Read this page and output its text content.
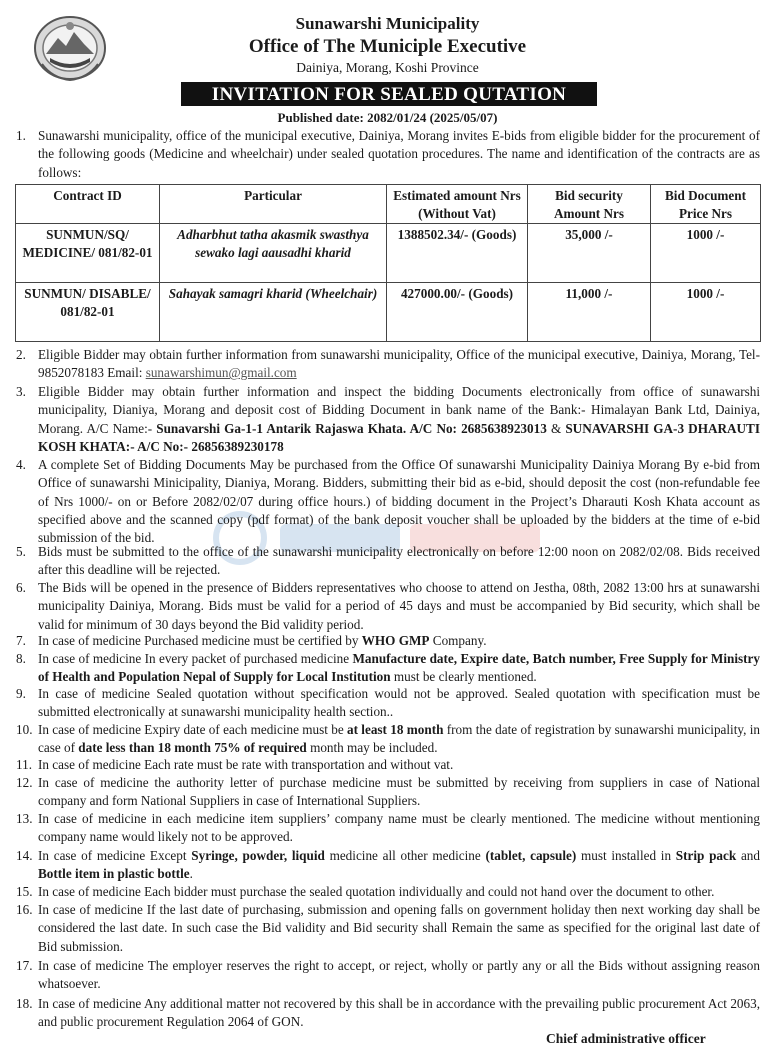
Sunawarshi Municipality
Office of The Municiple Executive
Dainiya, Morang, Koshi Province
INVITATION FOR SEALED QUTATION
Published date: 2082/01/24 (2025/05/07)
1. Sunawarshi municipality, office of the municipal executive, Dainiya, Morang invites E-bids from eligible bidder for the procurement of the following goods (Medicine and wheelchair) under sealed quotation procedures. The name and identification of the contracts are as follows:
Contract ID	Particular	Estimated amount Nrs (Without Vat)	Bid security Amount Nrs	Bid Document Price Nrs
SUNMUN/SQ/ MEDICINE/ 081/82-01	Adharbhut tatha akasmik swasthya sewako lagi aausadhi kharid	1388502.34/- (Goods)	35,000 /-	1000 /-
SUNMUN/ DISABLE/ 081/82-01	Sahayak samagri kharid (Wheelchair)	427000.00/- (Goods)	11,000 /-	1000 /-
2. Eligible Bidder may obtain further information from sunawarshi municipality, Office of the municipal executive, Dainiya, Morang, Tel- 9852078183 Email: sunawarshimun@gmail.com
3. Eligible Bidder may obtain further information and inspect the bidding Documents electronically from office of sunawarshi municipality, Dianiya, Morang and deposit cost of Bidding Document in bank name of the Bank:- Himalayan Bank Ltd, Dainiya, Morang. A/C Name:- Sunavarshi Ga-1-1 Antarik Rajaswa Khata. A/C No: 2685638923013 & SUNAVARSHI GA-3 DHARAUTI KOSH KHATA:- A/C No:- 26856389230178
4. A complete Set of Bidding Documents May be purchased from the Office Of sunawarshi Municipality Dainiya Morang By e-bid from Office of sunawarshi Minicipality, Dianiya, Morang. Bidders, submitting their bid as e-bid, should deposit the cost (non-refundable fee of Nrs 1000/- on or Before 2082/02/07 during office hours.) of bidding document in the Project’s Dharauti Kosh Khata account as specified above and the scanned copy (pdf format) of the bank deposit voucher shall be uploaded by the bidders at the time of e-bid submission of the bid.
5. Bids must be submitted to the office of the sunawarshi municipality electronically on before 12:00 noon on 2082/02/08. Bids received after this deadline will be rejected.
6. The Bids will be opened in the presence of Bidders representatives who choose to attend on Jestha, 08th, 2082 13:00 hrs at sunawarshi municipality Dainiya, Morang. Bids must be valid for a period of 45 days and must be accompanied by Bid security, which shall be valid for minimum of 30 days beyond the Bid validity period.
7. In case of medicine Purchased medicine must be certified by WHO GMP Company.
8. In case of medicine In every packet of purchased medicine Manufacture date, Expire date, Batch number, Free Supply for Ministry of Health and Population Nepal of Supply for Local Institution must be clearly mentioned.
9. In case of medicine Sealed quotation without specification would not be approved. Sealed quotation with specification must be submitted electronically at sunawarshi municipality health section..
10. In case of medicine Expiry date of each medicine must be at least 18 month from the date of registration by sunawarshi municipality, in case of date less than 18 month 75% of required month may be included.
11. In case of medicine Each rate must be rate with transportation and without vat.
12. In case of medicine the authority letter of purchase medicine must be submitted by receiving from suppliers in case of National company and form National Suppliers in case of International Suppliers.
13. In case of medicine in each medicine item suppliers’ company name must be clearly mentioned. The medicine without mentioning company name would likely not to be approved.
14. In case of medicine Except Syringe, powder, liquid medicine all other medicine (tablet, capsule) must installed in Strip pack and Bottle item in plastic bottle.
15. In case of medicine Each bidder must purchase the sealed quotation individually and could not hand over the document to other.
16. In case of medicine If the last date of purchasing, submission and opening falls on government holiday then next working day shall be considered the last date. In such case the Bid validity and Bid security shall Remain the same as specified for the original last date of Bid submission.
17. In case of medicine The employer reserves the right to accept, or reject, wholly or partly any or all the Bids without assigning reason whatsoever.
18. In case of medicine Any additional matter not recovered by this shall be in accordance with the prevailing public procurement Act 2063, and public procurement Regulation 2064 of GON.
Chief administrative officer
